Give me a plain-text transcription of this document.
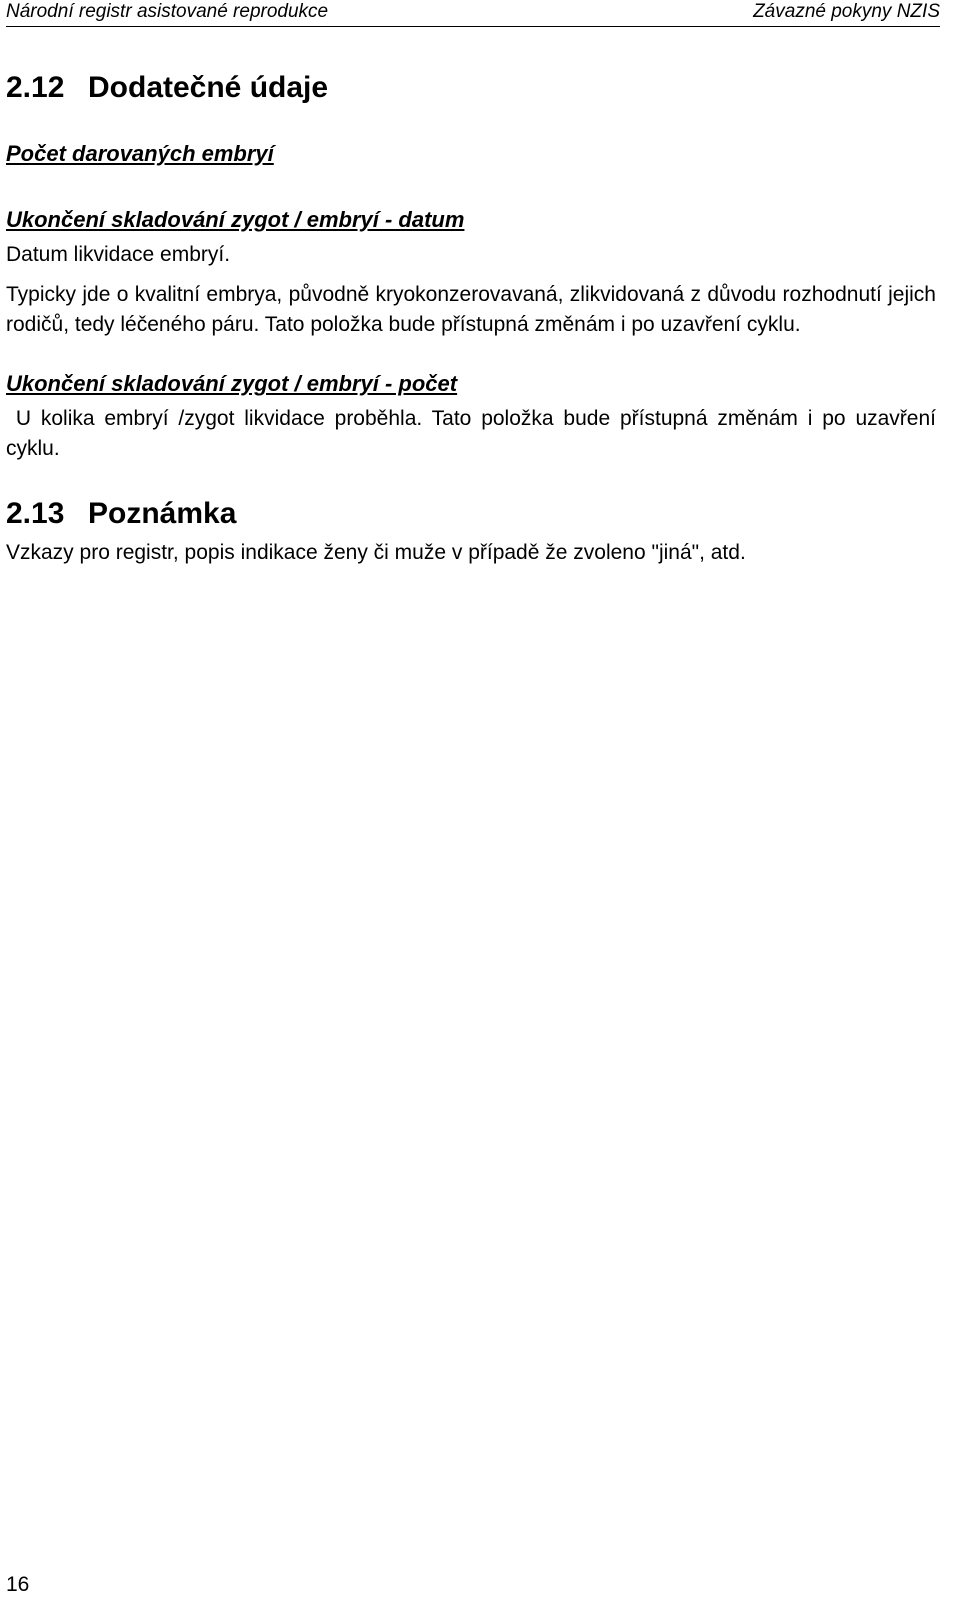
Národní registr asistované reprodukce	Závazné pokyny NZIS
2.12 Dodatečné údaje

Počet darovaných embryí

Ukončení skladování zygot / embryí - datum

Datum likvidace embryí.

Typicky jde o kvalitní embrya, původně kryokonzerovavaná, zlikvidovaná z důvodu rozhodnutí jejich rodičů, tedy léčeného páru. Tato položka bude přístupná změnám i po uzavření cyklu.

Ukončení skladování zygot / embryí - počet

U kolika embryí /zygot likvidace proběhla. Tato položka bude přístupná změnám i po uzavření cyklu.

2.13 Poznámka

Vzkazy pro registr, popis indikace ženy či muže v případě že zvoleno "jiná", atd.

16
